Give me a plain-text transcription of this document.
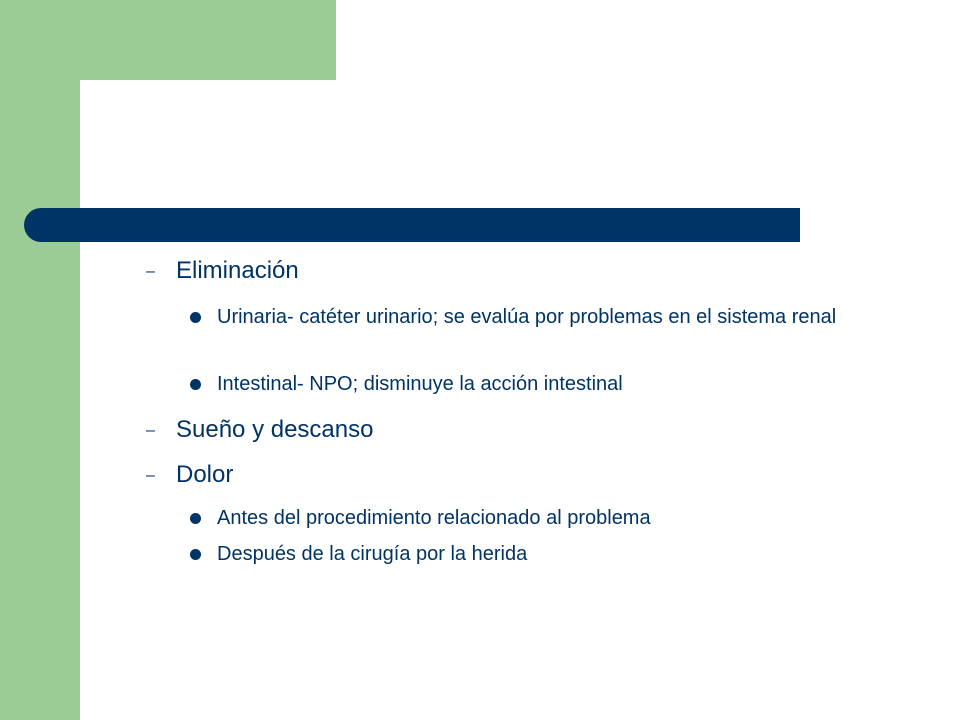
– Eliminación
Urinaria- catéter urinario; se evalúa por problemas en el sistema renal
Intestinal- NPO; disminuye la acción intestinal
– Sueño y descanso
– Dolor
Antes del procedimiento relacionado al problema
Después de la cirugía por la herida
